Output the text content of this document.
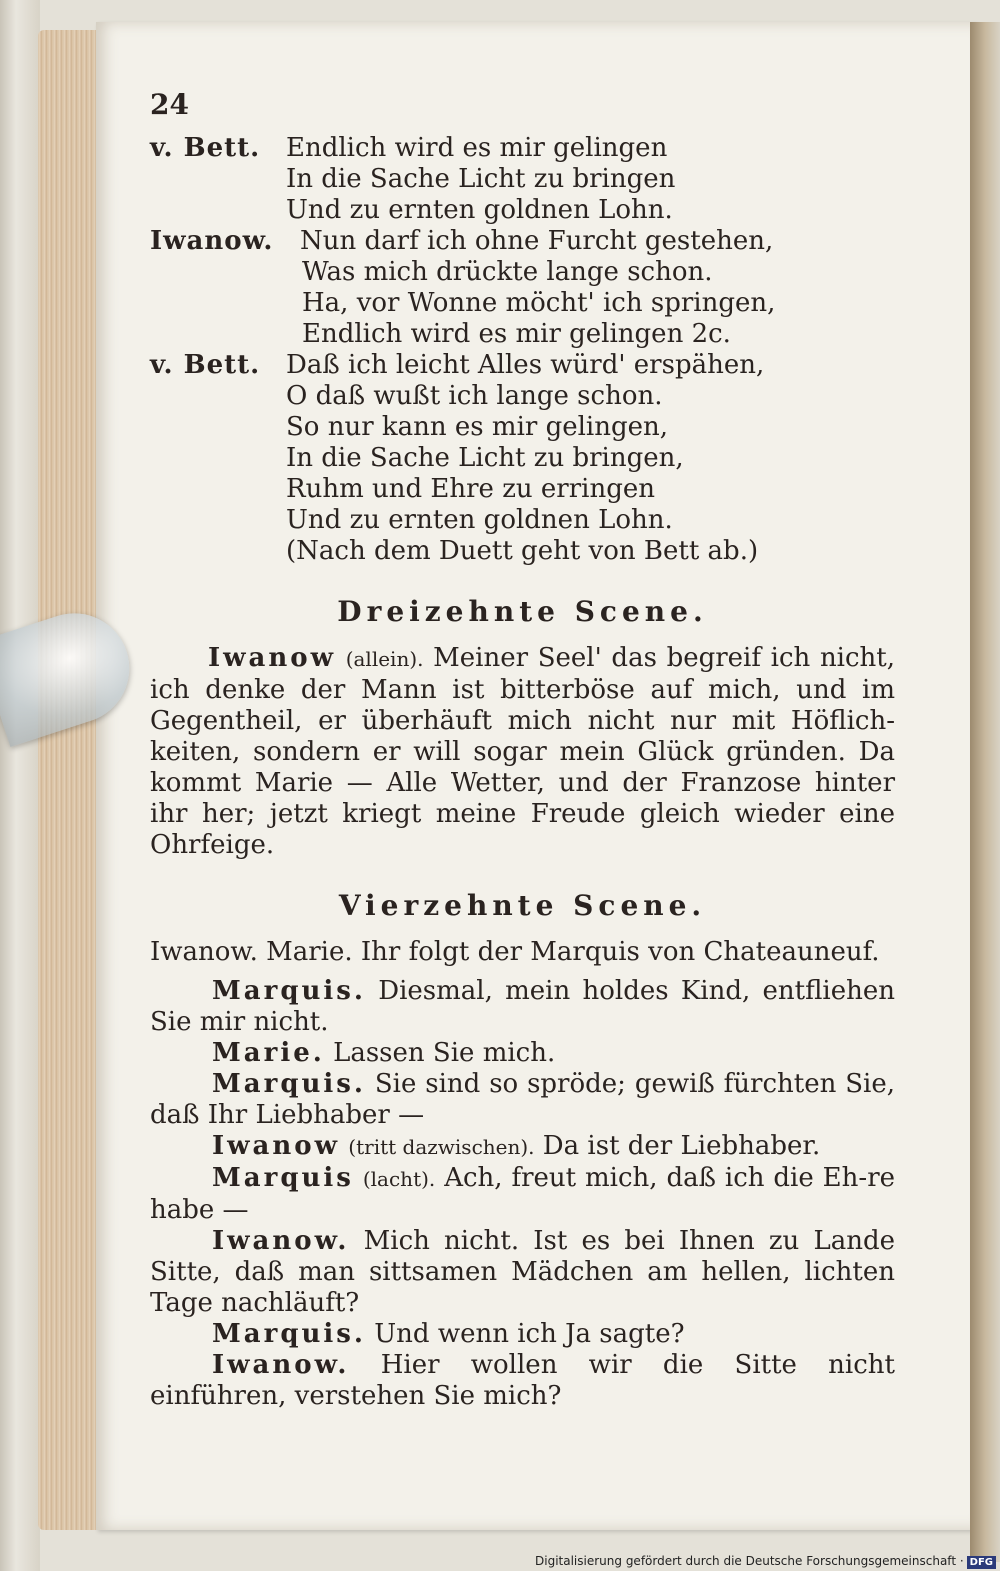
24
v. Bett. Endlich wird es mir gelingen
In die Sache Licht zu bringen
Und zu ernten goldnen Lohn.
Iwanow. Nun darf ich ohne Furcht gestehen,
Was mich drückte lange schon.
Ha, vor Wonne möcht' ich springen,
Endlich wird es mir gelingen 2c.
v. Bett. Daß ich leicht Alles würd' erspähen,
O daß wußt ich lange schon.
So nur kann es mir gelingen,
In die Sache Licht zu bringen,
Ruhm und Ehre zu erringen
Und zu ernten goldnen Lohn.
(Nach dem Duett geht von Bett ab.)
Dreizehnte Scene.

Iwanow (allein). Meiner Seel' das begreif ich nicht, ich denke der Mann ist bitterböse auf mich, und im Gegentheil, er überhäuft mich nicht nur mit Höflich-keiten, sondern er will sogar mein Glück gründen. Da kommt Marie — Alle Wetter, und der Franzose hinter ihr her; jetzt kriegt meine Freude gleich wieder eine Ohrfeige.

Vierzehnte Scene.

Iwanow. Marie. Ihr folgt der Marquis von Chateauneuf.

Marquis. Diesmal, mein holdes Kind, entfliehen Sie mir nicht.

Marie. Lassen Sie mich.

Marquis. Sie sind so spröde; gewiß fürchten Sie, daß Ihr Liebhaber —

Iwanow (tritt dazwischen). Da ist der Liebhaber.

Marquis (lacht). Ach, freut mich, daß ich die Eh-re habe —

Iwanow. Mich nicht. Ist es bei Ihnen zu Lande Sitte, daß man sittsamen Mädchen am hellen, lichten Tage nachläuft?

Marquis. Und wenn ich Ja sagte?

Iwanow. Hier wollen wir die Sitte nicht einführen, verstehen Sie mich?

Digitalisierung gefördert durch die Deutsche Forschungsgemeinschaft · DFG
